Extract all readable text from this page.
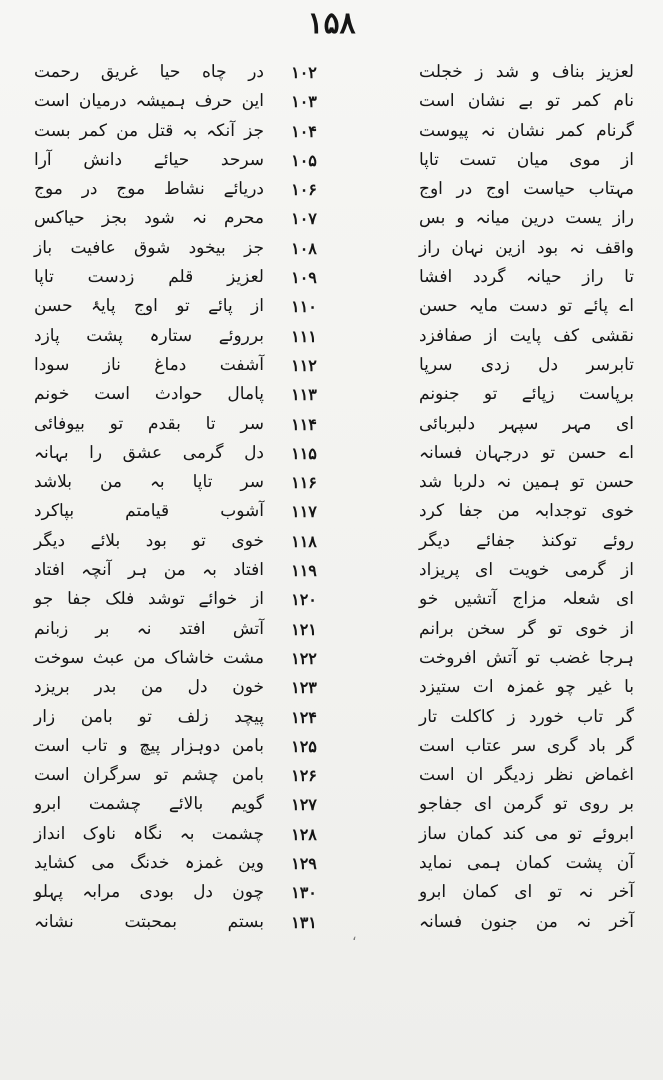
۱۵۸
لعزیز بناف و شد ز خجلت
۱۰۲
در چاه حیا غریق رحمت
نام کمر تو بے نشان است
۱۰۳
این حرف ہمیشہ درمیان است
گرنام کمر نشان نہ پیوست
۱۰۴
جز آنکہ بہ قتل من کمر بست
از موی میان تست تاپا
۱۰۵
سرحد حیائے دانش آرا
مہتاب حیاست اوج در اوج
۱۰۶
دریائے نشاط موج در موج
راز یست درین میانہ و بس
۱۰۷
محرم نہ شود بجز حیاکس
واقف نہ بود ازین نہان راز
۱۰۸
جز بیخود شوق عافیت باز
تا راز حیانہ گردد افشا
۱۰۹
لعزیز قلم زدست تاپا
اے پائے تو دست مایہ حسن
۱۱۰
از پائے تو اوج پایۂ حسن
نقشی کف پایت از صفافزد
۱۱۱
برروئے ستارہ پشت پازد
تابرسر دل زدی سرپا
۱۱۲
آشفت دماغ ناز سودا
برپاست زپائے تو جنونم
۱۱۳
پامال حوادث است خونم
ای مہر سپہر دلبربائی
۱۱۴
سر تا بقدم تو بیوفائی
اے حسن تو درجہان فسانہ
۱۱۵
دل گرمی عشق را بہانہ
حسن تو ہمین نہ دلربا شد
۱۱۶
سر تاپا بہ من بلاشد
خوی توجدابہ من جفا کرد
۱۱۷
آشوب قیامتم بپاکرد
روئے توکنذ جفائے دیگر
۱۱۸
خوی تو بود بلائے دیگر
از گرمی خویت ای پریزاد
۱۱۹
افتاد بہ من ہر آنچہ افتاد
ای شعلہ مزاج آتشیں خو
۱۲۰
از خوائے توشد فلک جفا جو
از خوی تو گر سخن برانم
۱۲۱
آتش افتد نہ بر زبانم
ہرجا غضب تو آتش افروخت
۱۲۲
مشت خاشاک من عبث سوخت
با غیر چو غمزہ ات ستیزد
۱۲۳
خون دل من بدر بریزد
گر تاب خورد ز کاکلت تار
۱۲۴
پیچد زلف تو بامن زار
گر باد گری سر عتاب است
۱۲۵
بامن دوہزار پیچ و تاب است
اغماض نظر زدیگر ان است
۱۲۶
بامن چشم تو سرگران است
بر روی تو گرمن ای جفاجو
۱۲۷
گویم بالائے چشمت ابرو
ابروئے تو می کند کمان ساز
۱۲۸
چشمت بہ نگاہ ناوک انداز
آن پشت کمان ہمی نماید
۱۲۹
وین غمزہ خدنگ می کشاید
آخر نہ تو ای کمان ابرو
۱۳۰
چون دل بودی مرابہ پہلو
آخر نہ من جنون فسانہ
۱۳۱
بستم بمحبتت نشانہ
،
